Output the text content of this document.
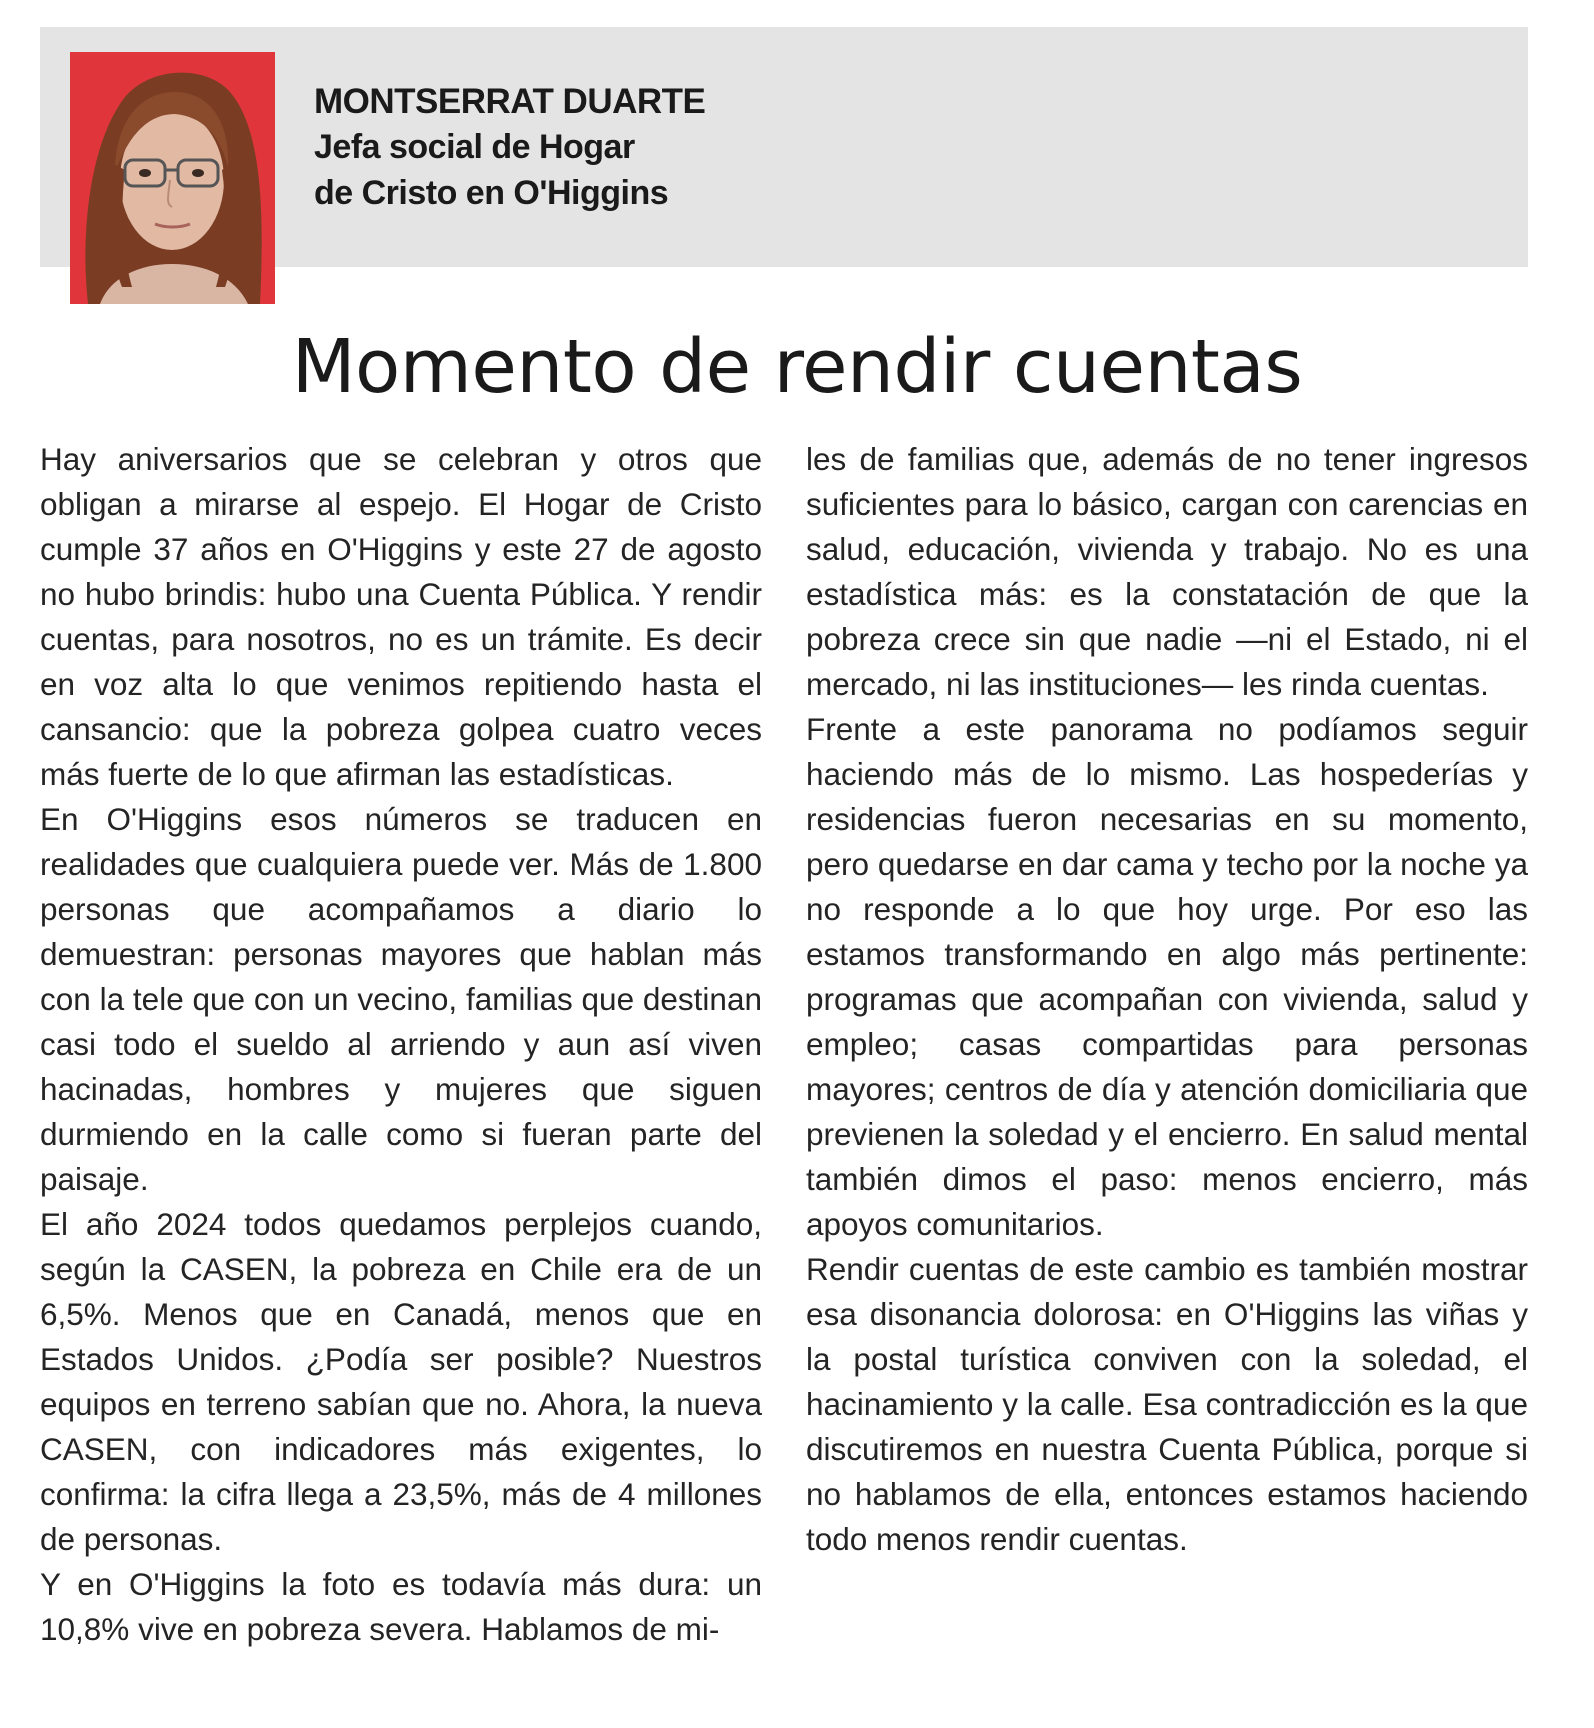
MONTSERRAT DUARTE
Jefa social de Hogar
de Cristo en O'Higgins
Momento de rendir cuentas

Hay aniversarios que se celebran y otros que obligan a mirarse al espejo. El Hogar de Cristo cumple 37 años en O'Higgins y este 27 de agosto no hubo brindis: hubo una Cuenta Pública. Y rendir cuentas, para nosotros, no es un trámite. Es decir en voz alta lo que venimos repitiendo hasta el cansancio: que la pobreza golpea cuatro veces más fuerte de lo que afirman las estadísticas.

En O'Higgins esos números se traducen en realidades que cualquiera puede ver. Más de 1.800 personas que acompañamos a diario lo demuestran: personas mayores que hablan más con la tele que con un vecino, familias que destinan casi todo el sueldo al arriendo y aun así viven hacinadas, hombres y mujeres que siguen durmiendo en la calle como si fueran parte del paisaje.

El año 2024 todos quedamos perplejos cuando, según la CASEN, la pobreza en Chile era de un 6,5%. Menos que en Canadá, menos que en Estados Unidos. ¿Podía ser posible? Nuestros equipos en terreno sabían que no. Ahora, la nueva CASEN, con indicadores más exigentes, lo confirma: la cifra llega a 23,5%, más de 4 millones de personas.

Y en O'Higgins la foto es todavía más dura: un 10,8% vive en pobreza severa. Hablamos de mi-

les de familias que, además de no tener ingresos suficientes para lo básico, cargan con carencias en salud, educación, vivienda y trabajo. No es una estadística más: es la constatación de que la pobreza crece sin que nadie —ni el Estado, ni el mercado, ni las instituciones— les rinda cuentas.

Frente a este panorama no podíamos seguir haciendo más de lo mismo. Las hospederías y residencias fueron necesarias en su momento, pero quedarse en dar cama y techo por la noche ya no responde a lo que hoy urge. Por eso las estamos transformando en algo más pertinente: programas que acompañan con vivienda, salud y empleo; casas compartidas para personas mayores; centros de día y atención domiciliaria que previenen la soledad y el encierro. En salud mental también dimos el paso: menos encierro, más apoyos comunitarios.

Rendir cuentas de este cambio es también mostrar esa disonancia dolorosa: en O'Higgins las viñas y la postal turística conviven con la soledad, el hacinamiento y la calle. Esa contradicción es la que discutiremos en nuestra Cuenta Pública, porque si no hablamos de ella, entonces estamos haciendo todo menos rendir cuentas.
